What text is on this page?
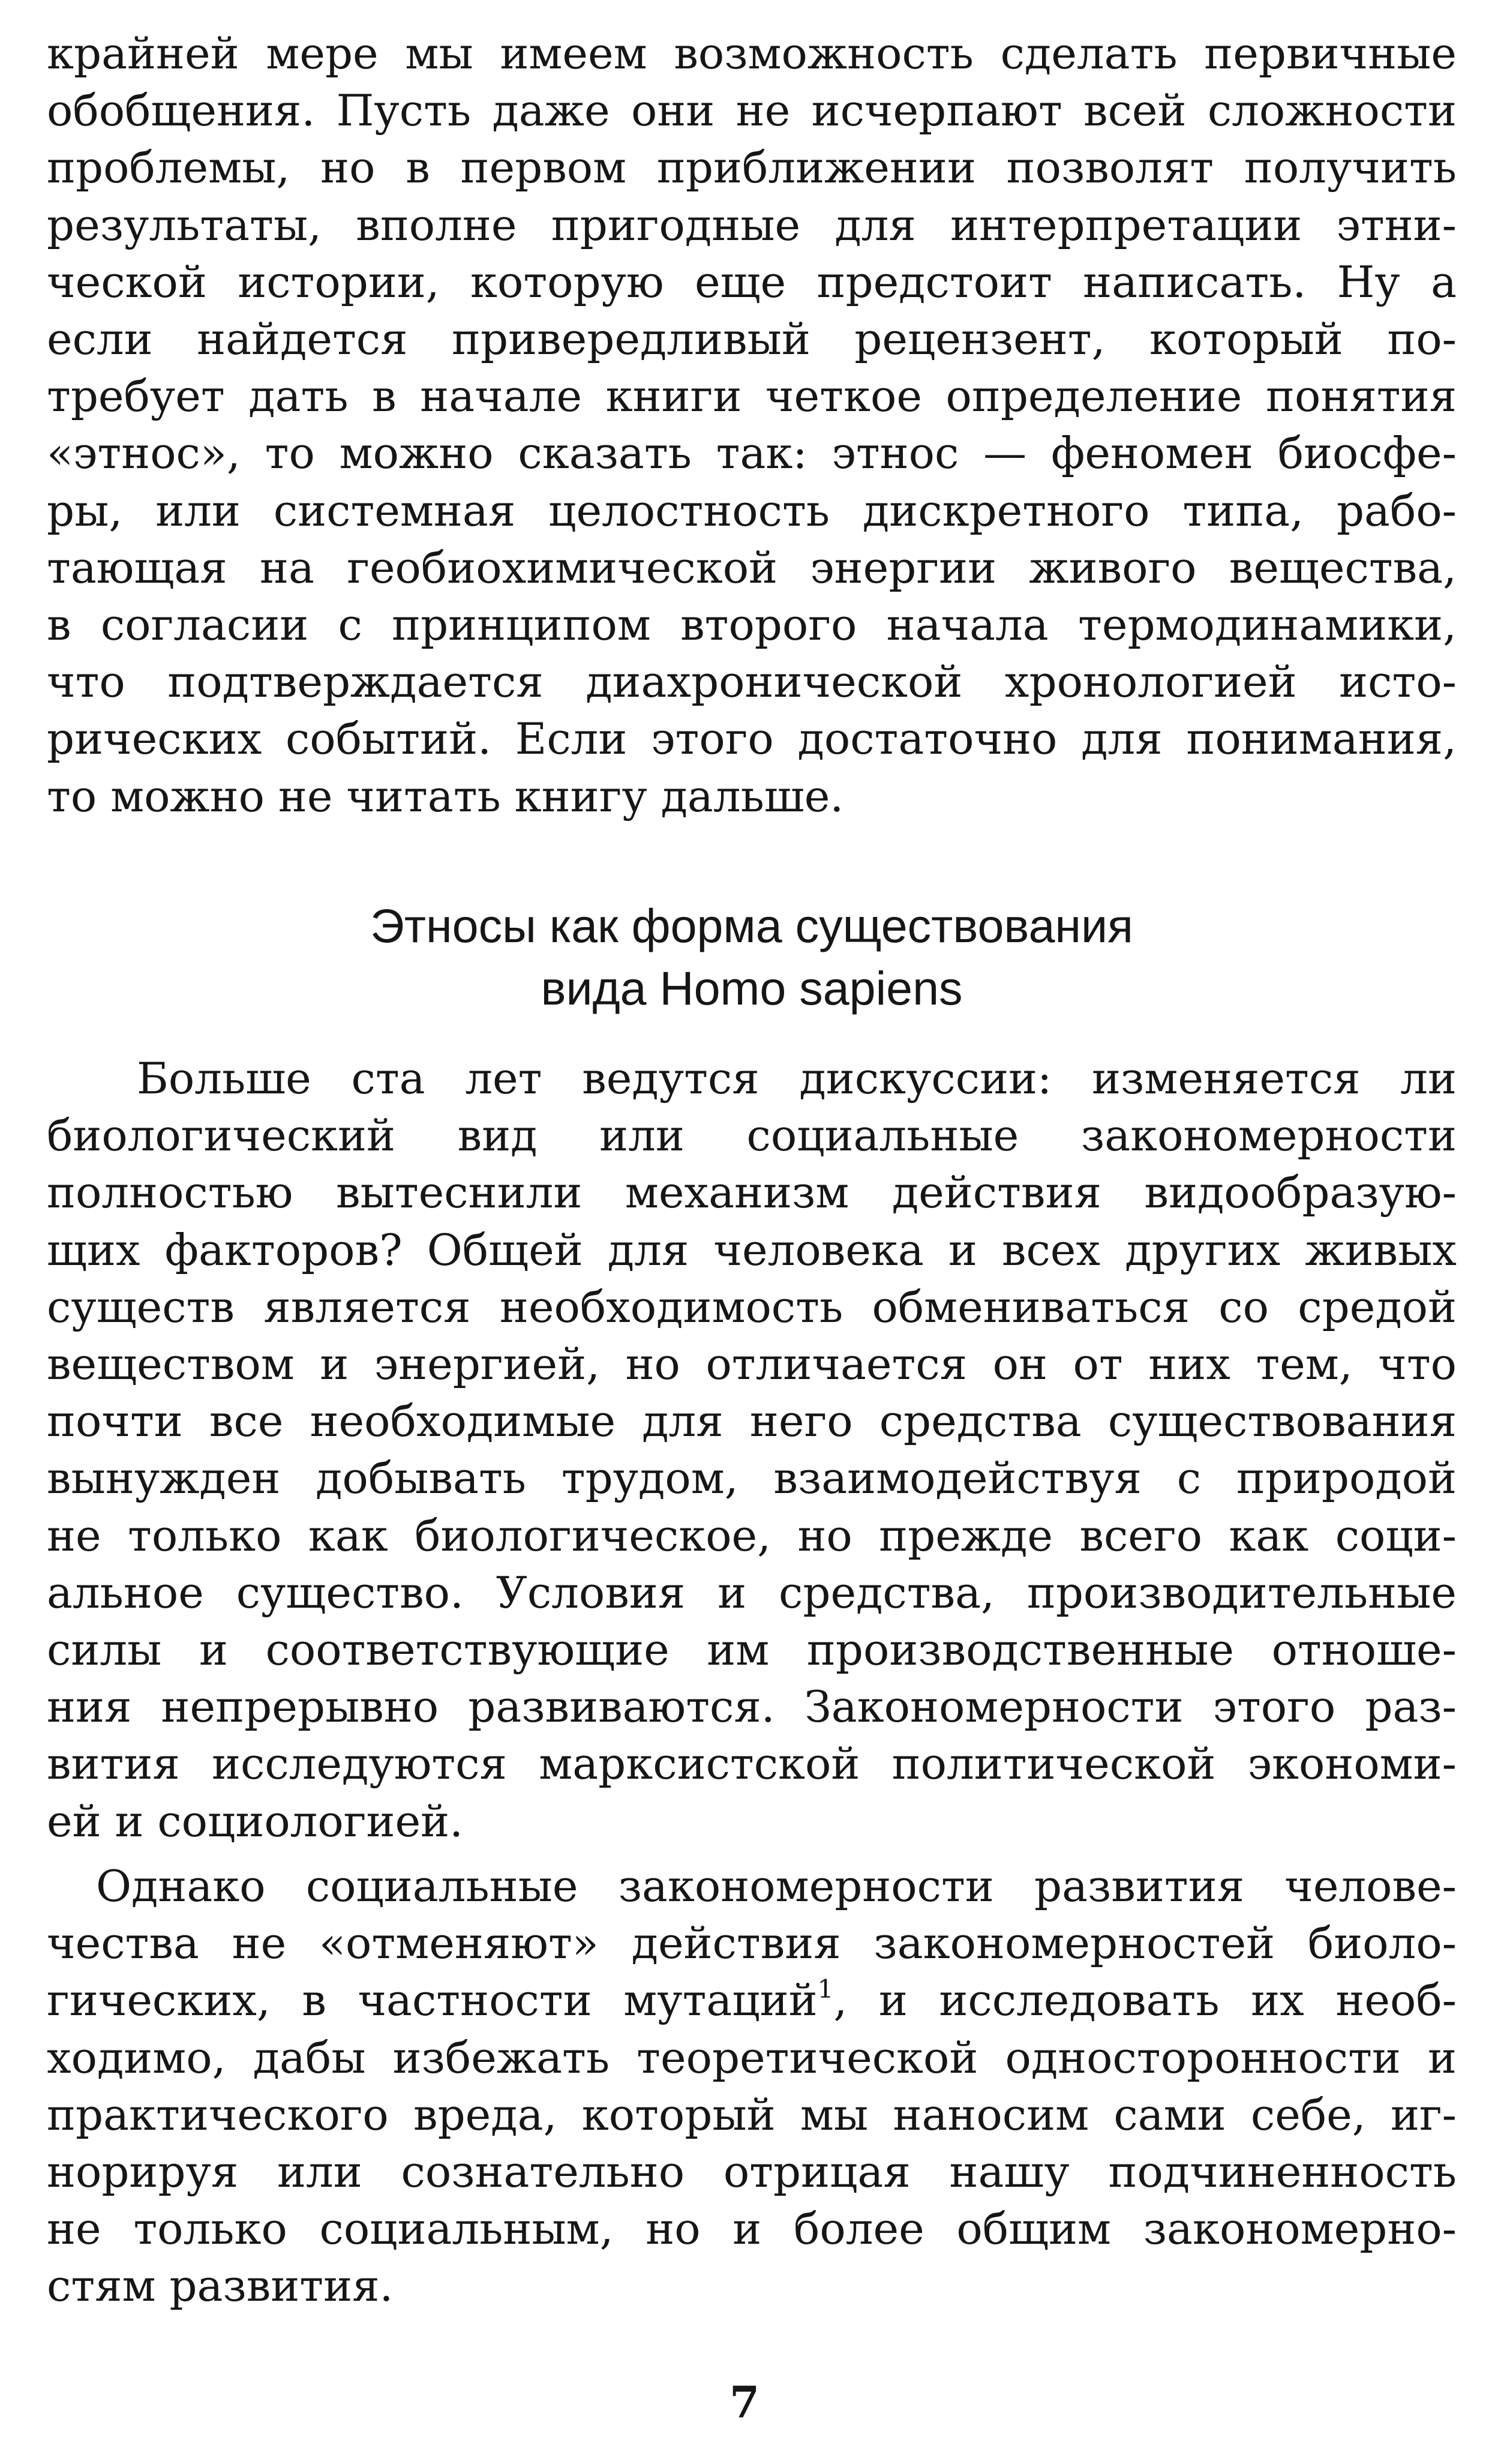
крайней мере мы имеем возможность сделать первичные
обобщения. Пусть даже они не исчерпают всей сложности
проблемы, но в первом приближении позволят получить
результаты, вполне пригодные для интерпретации этни-
ческой истории, которую еще предстоит написать. Ну а
если найдется привередливый рецензент, который по-
требует дать в начале книги четкое определение понятия
«этнос», то можно сказать так: этнос — феномен биосфе-
ры, или системная целостность дискретного типа, рабо-
тающая на геобиохимической энергии живого вещества,
в согласии с принципом второго начала термодинамики,
что подтверждается диахронической хронологией исто-
рических событий. Если этого достаточно для понимания,
то можно не читать книгу дальше.
Этносы как форма существования
вида Homo sapiens
Больше ста лет ведутся дискуссии: изменяется ли
биологический вид или социальные закономерности
полностью вытеснили механизм действия видообразую-
щих факторов? Общей для человека и всех других живых
существ является необходимость обмениваться со средой
веществом и энергией, но отличается он от них тем, что
почти все необходимые для него средства существования
вынужден добывать трудом, взаимодействуя с природой
не только как биологическое, но прежде всего как соци-
альное существо. Условия и средства, производительные
силы и соответствующие им производственные отноше-
ния непрерывно развиваются. Закономерности этого раз-
вития исследуются марксистской политической экономи-
ей и социологией.
Однако социальные закономерности развития челове-
чества не «отменяют» действия закономерностей биоло-
гических, в частности мутаций$^1$, и исследовать их необ-
ходимо, дабы избежать теоретической односторонности и
практического вреда, который мы наносим сами себе, иг-
норируя или сознательно отрицая нашу подчиненность
не только социальным, но и более общим закономерно-
стям развития.
7
